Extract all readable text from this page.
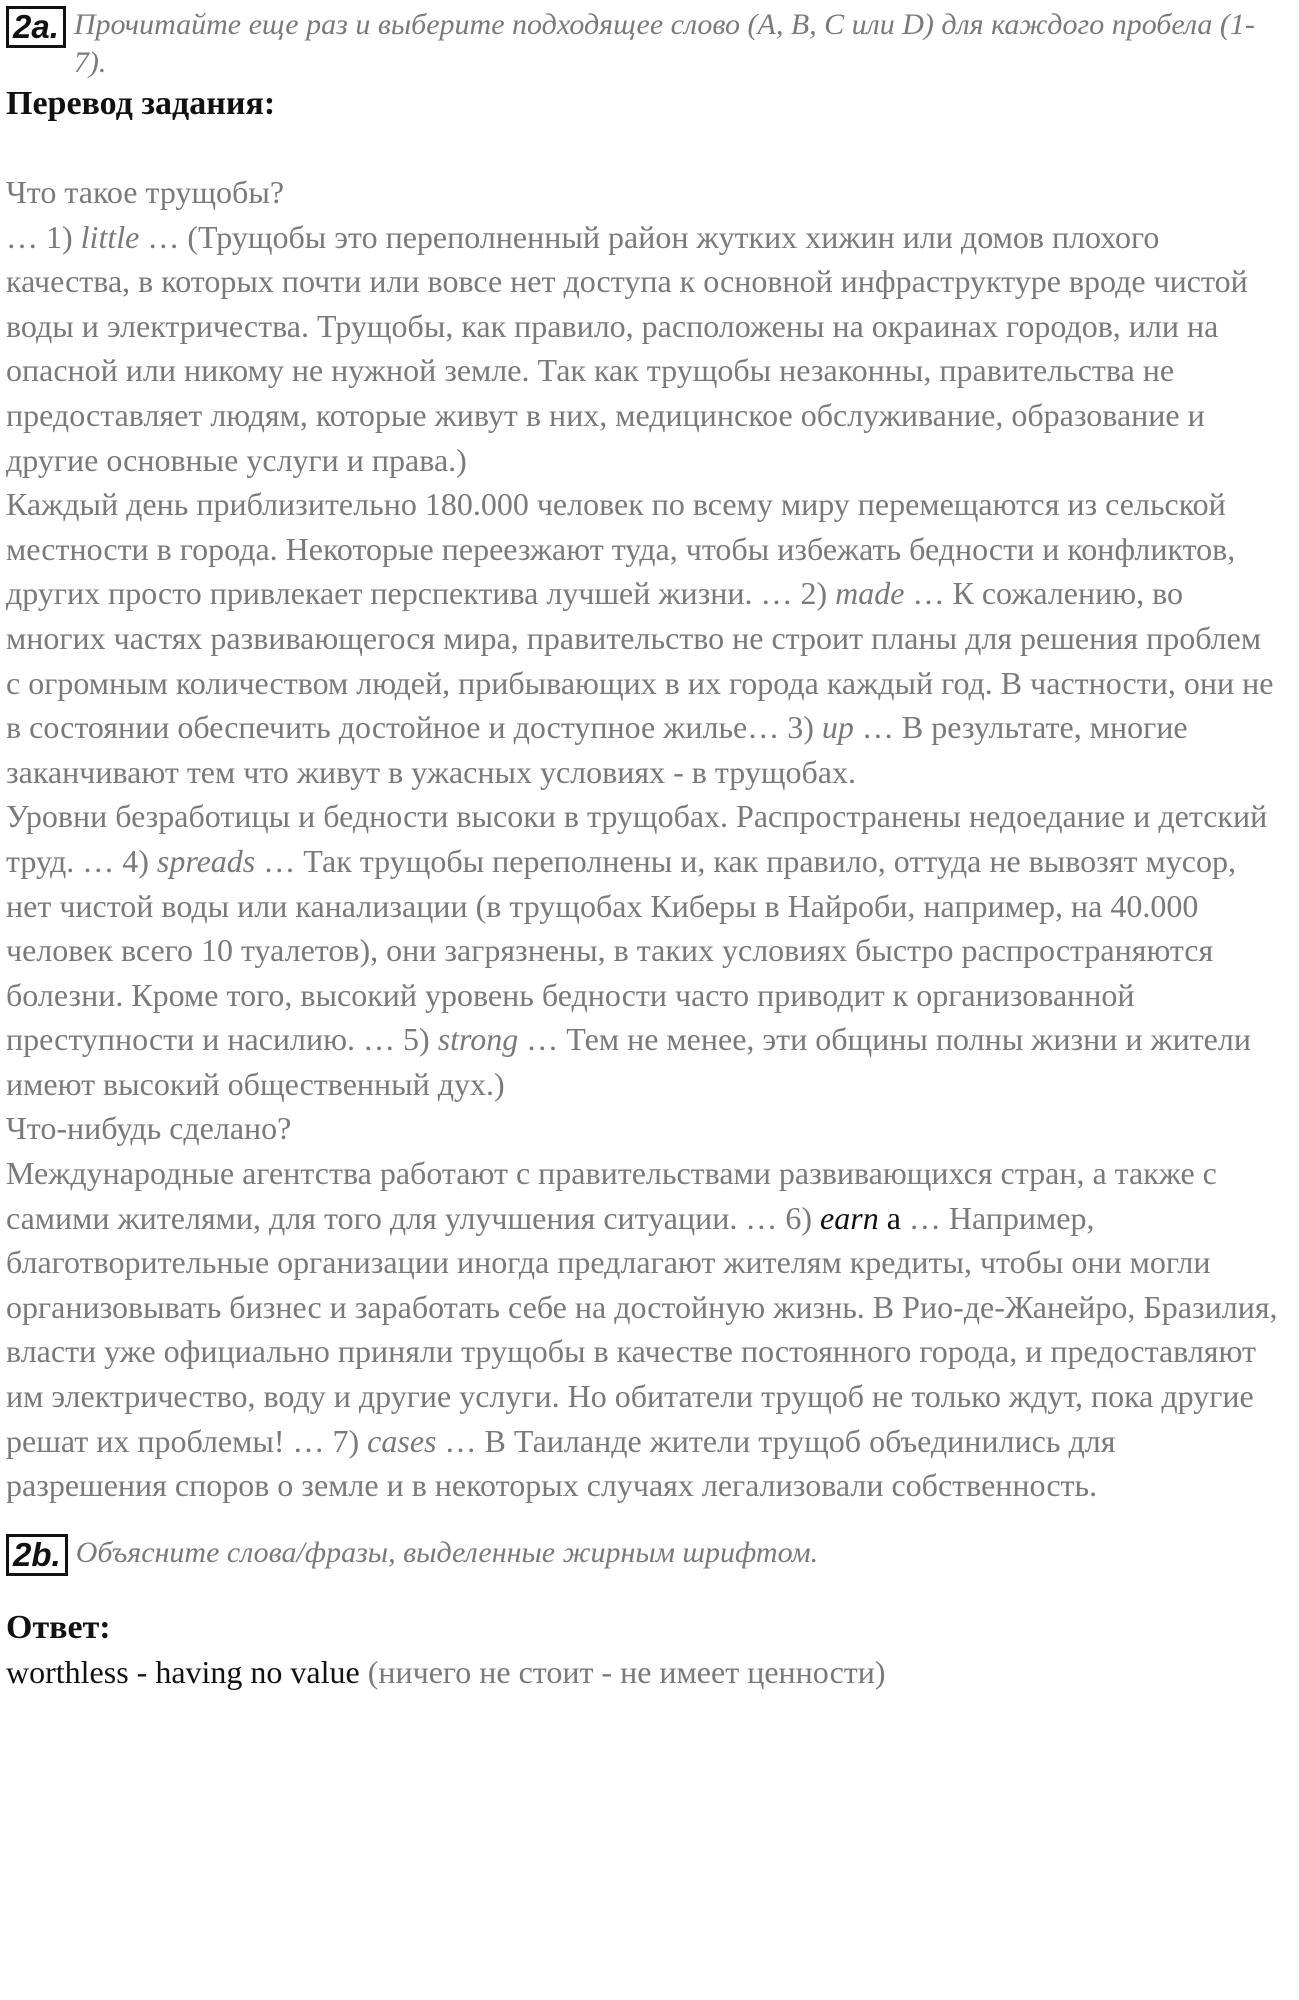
2a. Прочитайте еще раз и выберите подходящее слово (А, В, С или D) для каждого пробела (1-7).

Перевод задания:

Что такое трущобы?
… 1) little … (Трущобы это переполненный район жутких хижин или домов плохого качества, в которых почти или вовсе нет доступа к основной инфраструктуре вроде чистой воды и электричества. Трущобы, как правило, расположены на окраинах городов, или на опасной или никому не нужной земле. Так как трущобы незаконны, правительства не предоставляет людям, которые живут в них, медицинское обслуживание, образование и другие основные услуги и права.)
Каждый день приблизительно 180.000 человек по всему миру перемещаются из сельской местности в города. Некоторые переезжают туда, чтобы избежать бедности и конфликтов, других просто привлекает перспектива лучшей жизни. … 2) made … К сожалению, во многих частях развивающегося мира, правительство не строит планы для решения проблем с огромным количеством людей, прибывающих в их города каждый год. В частности, они не в состоянии обеспечить достойное и доступное жилье… 3) up … В результате, многие заканчивают тем что живут в ужасных условиях - в трущобах.
Уровни безработицы и бедности высоки в трущобах. Распространены недоедание и детский труд. … 4) spreads … Так трущобы переполнены и, как правило, оттуда не вывозят мусор, нет чистой воды или канализации (в трущобах Киберы в Найроби, например, на 40.000 человек всего 10 туалетов), они загрязнены, в таких условиях быстро распространяются болезни. Кроме того, высокий уровень бедности часто приводит к организованной преступности и насилию. … 5) strong … Тем не менее, эти общины полны жизни и жители имеют высокий общественный дух.)
Что-нибудь сделано?
Международные агентства работают с правительствами развивающихся стран, а также с самими жителями, для того для улучшения ситуации. … 6) earn a … Например, благотворительные организации иногда предлагают жителям кредиты, чтобы они могли организовывать бизнес и заработать себе на достойную жизнь. В Рио-де-Жанейро, Бразилия, власти уже официально приняли трущобы в качестве постоянного города, и предоставляют им электричество, воду и другие услуги. Но обитатели трущоб не только ждут, пока другие решат их проблемы! … 7) cases … В Таиланде жители трущоб объединились для разрешения споров о земле и в некоторых случаях легализовали собственность.
2b. Объясните слова/фразы, выделенные жирным шрифтом.

Ответ:

worthless - having no value (ничего не стоит - не имеет ценности)
